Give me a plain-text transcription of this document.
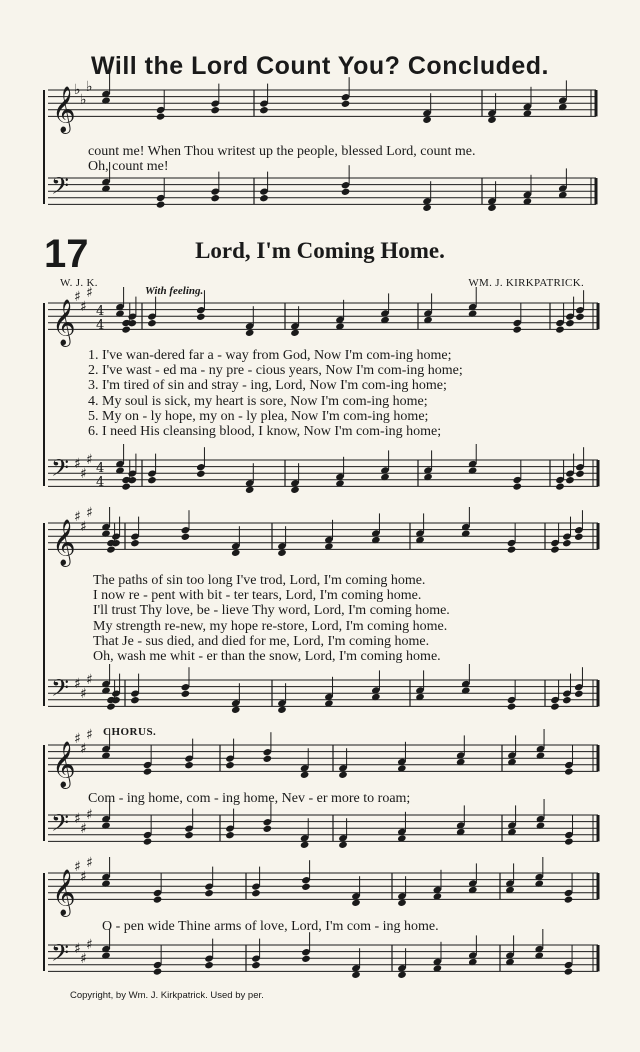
Will the Lord Count You? Concluded.
count me! When Thou writest up the people, blessed Lord, count me.
Oh, count me!
17	Lord, I'm Coming Home.
W. J. K.	WM. J. KIRKPATRICK.
With feeling.
1. I've wan-dered far a - way from God, Now I'm com-ing home;
2. I've wast - ed ma - ny pre - cious years, Now I'm com-ing home;
3. I'm tired of sin and stray - ing, Lord, Now I'm com-ing home;
4. My soul is sick, my heart is sore, Now I'm com-ing home;
5. My on - ly hope, my on - ly plea, Now I'm com-ing home;
6. I need His cleansing blood, I know, Now I'm com-ing home;
The paths of sin too long I've trod, Lord, I'm coming home.
I now re - pent with bit - ter tears, Lord, I'm coming home.
I'll trust Thy love, be - lieve Thy word, Lord, I'm coming home.
My strength re-new, my hope re-store, Lord, I'm coming home.
That Je - sus died, and died for me, Lord, I'm coming home.
Oh, wash me whit - er than the snow, Lord, I'm coming home.
CHORUS.
Com - ing home, com - ing home, Nev - er more to roam;
O - pen wide Thine arms of love, Lord, I'm com - ing home.
Copyright, by Wm. J. Kirkpatrick. Used by per.
𝄞
♭
♭
♭
𝄢
𝄞
♯
♯
♯
4
4
𝄢 ♯
♯
♯
4
4
𝄞
♯
♯
♯
𝄢 ♯
♯
♯
𝄞
♯
♯
♯
𝄢 ♯
♯
♯
𝄞
♯
♯
♯
𝄢 ♯
♯
♯
